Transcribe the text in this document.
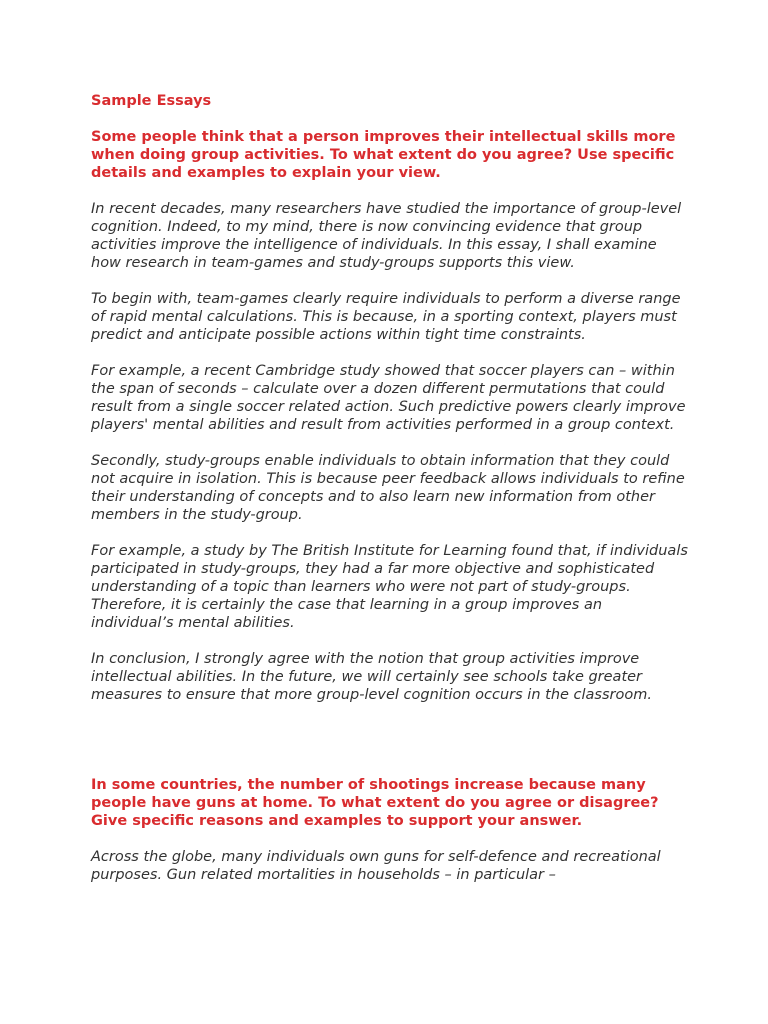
Sample Essays

Some people think that a person improves their intellectual skills more when doing group activities. To what extent do you agree? Use specific details and examples to explain your view.

In recent decades, many researchers have studied the importance of group-level cognition. Indeed, to my mind, there is now convincing evidence that group activities improve the intelligence of individuals. In this essay, I shall examine how research in team-games and study-groups supports this view.

To begin with, team-games clearly require individuals to perform a diverse range of rapid mental calculations. This is because, in a sporting context, players must predict and anticipate possible actions within tight time constraints.

For example, a recent Cambridge study showed that soccer players can – within the span of seconds – calculate over a dozen different permutations that could result from a single soccer related action. Such predictive powers clearly improve players' mental abilities and result from activities performed in a group context.

Secondly, study-groups enable individuals to obtain information that they could not acquire in isolation. This is because peer feedback allows individuals to refine their understanding of concepts and to also learn new information from other members in the study-group.

For example, a study by The British Institute for Learning found that, if individuals participated in study-groups, they had a far more objective and sophisticated understanding of a topic than learners who were not part of study-groups. Therefore, it is certainly the case that learning in a group improves an individual’s mental abilities.

In conclusion, I strongly agree with the notion that group activities improve intellectual abilities. In the future, we will certainly see schools take greater measures to ensure that more group-level cognition occurs in the classroom.

In some countries, the number of shootings increase because many people have guns at home. To what extent do you agree or disagree? Give specific reasons and examples to support your answer.

Across the globe, many individuals own guns for self-defence and recreational purposes. Gun related mortalities in households – in particular –
